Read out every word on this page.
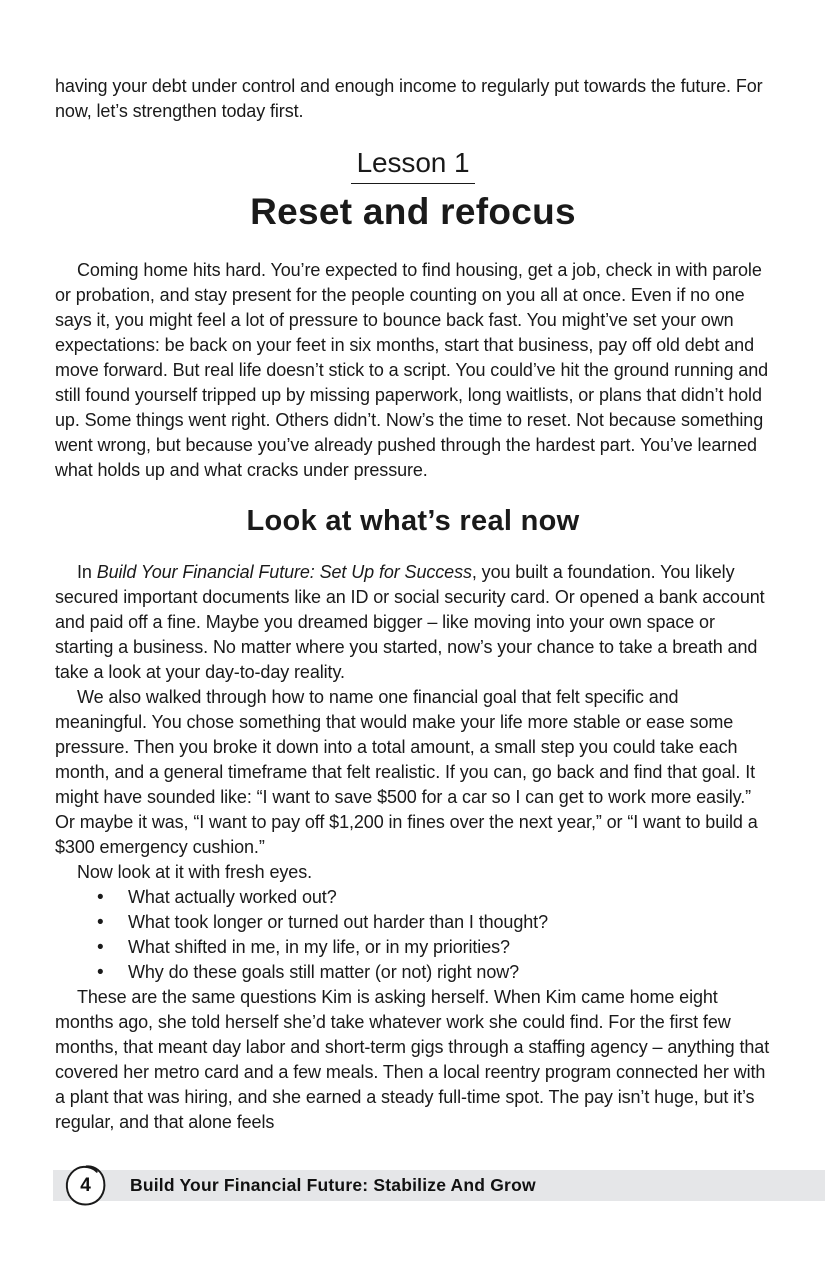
having your debt under control and enough income to regularly put towards the future. For now, let’s strengthen today first.

Lesson 1
Reset and refocus

Coming home hits hard. You’re expected to find housing, get a job, check in with parole or probation, and stay present for the people counting on you all at once. Even if no one says it, you might feel a lot of pressure to bounce back fast. You might’ve set your own expectations: be back on your feet in six months, start that business, pay off old debt and move forward. But real life doesn’t stick to a script. You could’ve hit the ground running and still found yourself tripped up by missing paperwork, long waitlists, or plans that didn’t hold up. Some things went right. Others didn’t. Now’s the time to reset. Not because something went wrong, but because you’ve already pushed through the hardest part. You’ve learned what holds up and what cracks under pressure.

Look at what’s real now

In Build Your Financial Future: Set Up for Success, you built a foundation. You likely secured important documents like an ID or social security card. Or opened a bank account and paid off a fine. Maybe you dreamed bigger – like moving into your own space or starting a business. No matter where you started, now’s your chance to take a breath and take a look at your day-to-day reality.

We also walked through how to name one financial goal that felt specific and meaningful. You chose something that would make your life more stable or ease some pressure. Then you broke it down into a total amount, a small step you could take each month, and a general timeframe that felt realistic. If you can, go back and find that goal. It might have sounded like: “I want to save $500 for a car so I can get to work more easily.” Or maybe it was, “I want to pay off $1,200 in fines over the next year,” or “I want to build a $300 emergency cushion.”

Now look at it with fresh eyes.

• What actually worked out?
• What took longer or turned out harder than I thought?
• What shifted in me, in my life, or in my priorities?
• Why do these goals still matter (or not) right now?

These are the same questions Kim is asking herself. When Kim came home eight months ago, she told herself she’d take whatever work she could find. For the first few months, that meant day labor and short-term gigs through a staffing agency – anything that covered her metro card and a few meals. Then a local reentry program connected her with a plant that was hiring, and she earned a steady full-time spot. The pay isn’t huge, but it’s regular, and that alone feels

4	Build Your Financial Future: Stabilize And Grow
